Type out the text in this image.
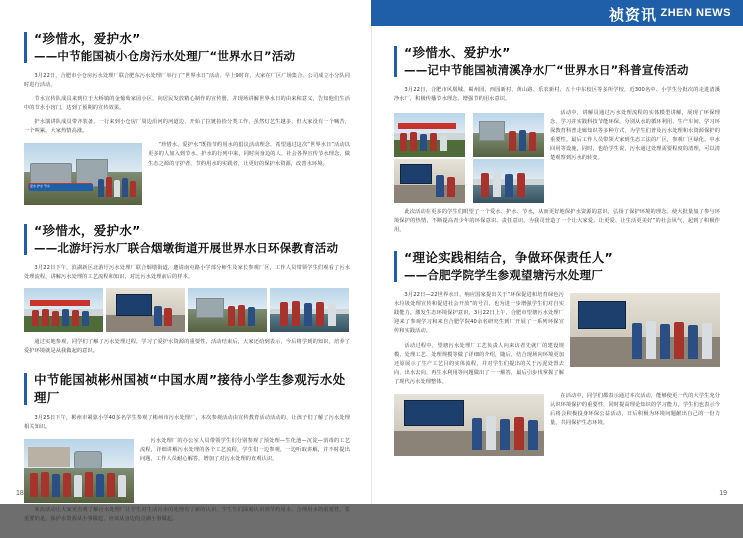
祯资讯 ZHEN NEWS
“珍惜水，爱护水”
——中节能国祯小仓房污水处理厂“世界水日”活动

3月22日，合肥市小仓房污水处理厂联合肥东污水处理厂举行了“世界水日”活动。早上9时许，大家在厂区广场集合，公司成立小分队同时进行活动。

节水宣传队成员来到位于大桥镇的金葡萄家园小区，向居民发放精心制作的宣传册，并现场讲解世界水日的由来和意义，告知他们生活中的节水小窍门，达到了预期的宣传效果。

护水演讲队成员带齐装备，一行来到小仓房厂周边沿河的河道边，开始了拉链捡拾分类工作，虽然灯艺生越多，但大家没有一个喊苦，一个叫累，大家热情高涨。

爱水 护水 节水

“珍惜水、爱护水”既指节约用水的倡议活动理念，希望通过这次“世界水日”活动以更多的人加入到节水、护水的行列中来，同时向身边的人、社会各界宣传节水理念，做生态之源的守护者。节约用水的实践者，让更好的保护水资源，改善水环境。

“珍惜水，爱护水”
——北游圩污水厂联合烟墩街道开展世界水日环保教育活动

3月22日下午，滨湖新区北游圩污水处理厂联合烟墩街道，邀请南屯路小学部分师生及家长参观厂区，工作人员带领学生们观看了污水处理流程，讲解污水处理的工艺流程和知识，对比污水处理前后的样本。

通过实地参观，同学们了解了污水处理过程，学习了爱护水资源的重要性，活动结束后，大家还给到表示，今后将学到的知识，培养了爱护环境就是从我做起的意识。

中节能国祯彬州国祯“中国水周”接待小学生参观污水处理厂

3月25日下午，彬州市紧靠小学40多名学生参观了彬州市污水处理厂，本次参观活动由宣传教育活动活动的，让孩子们了解了污水处理相关知识。

污水处理厂的办公室人员带领学生们分别参观了预处理—生化池—沉淀—消毒的工艺流程，详细讲解污水处理的各个工艺流程，学生们一边参观，一边听取讲解，并不时提出问题，工作人员耐心解答，增加了对污水处理的直观认识。

本次活动让大家更直观了解污水处理厂让学生对生活污水的处理有了新的认识，学生生们深刻认识到节约用水、合理用水的重要性，要重要的是，保护水资源从小事做起，应该从身边的点滴小事做起。

“珍惜水、爱护水”
——记中节能国祯清溪净水厂“世界水日”科普宣传活动

3月22日，合肥市风凰城、蜀州园、西园新村、黄山路、乐农新村、五十中东校区等多所学校，近300名中、小学生分批次的走进清溪净水厂，积极传播节水理念、增强节约用水意识。

活动中，讲解员通过污水处理流程的实体模型讲解，展现了环保理念，学习并实践科技节能环保，分别从水的循环利用、生产车间、学习环保教育科普走廊知识等多种方式，为学生们普及污水处理和水资源保护的重要性。最后工作人员带领大家到生态工法的厂区，参观厂区绿化、中水回用等设施，同时，也给学生说，污水通过处理需要程度的清理，可以清楚观察到污水的转变。

此次活动在更多的学生们眼望了一个爱水、护水、节水，从而更好地保护水资源的意识，弘扬了保护环境的理念。使大批量加了参与环境保护的热情，不断提高青少年的环保意识、责任意识，为我司营造了一个让大家爱、让更爱、让生活更美好”的社会风气，起到了积极作用。

“理论实践相结合，争做环保责任人”
——合肥学院学生参观望塘污水处理厂

3月22日—22世界水日，响应国家提出关于“环保促进和培育绿色污水垃圾处理宣传和促进社会开放”的号召，也为进一步增强学生们对自实践能力，激发生态环境保护意识，3月22日上午，合肥市望塘污水处理厂迎来了参观学习和来自合肥学院40余名研究生到厂开展了一系列环保宣传和实践活动。

活动过程中，望塘污水处理厂工艺负责人向来访者先就厂的建设规模、处理工艺、处理规模等做了详细的介绍，随后，结合现场向环境更加还原展示了生产工艺目的实体流程，并对学生们提出的关于污泥处置去向、出水去向、再生水利用等问题做出了一一解答，最后引步伐掌握了解了现代污水处理整体。

在活动中，同学们都表示通过本次活动，能够使更一代的大学生充分认识环境保护的重要性，同时提高理论知识的学习能力，学生们也表示今后将会积极投身环保公益活动，日后积极为环境问题献出自己的一份力量，共同保护生态环境。

18	19
